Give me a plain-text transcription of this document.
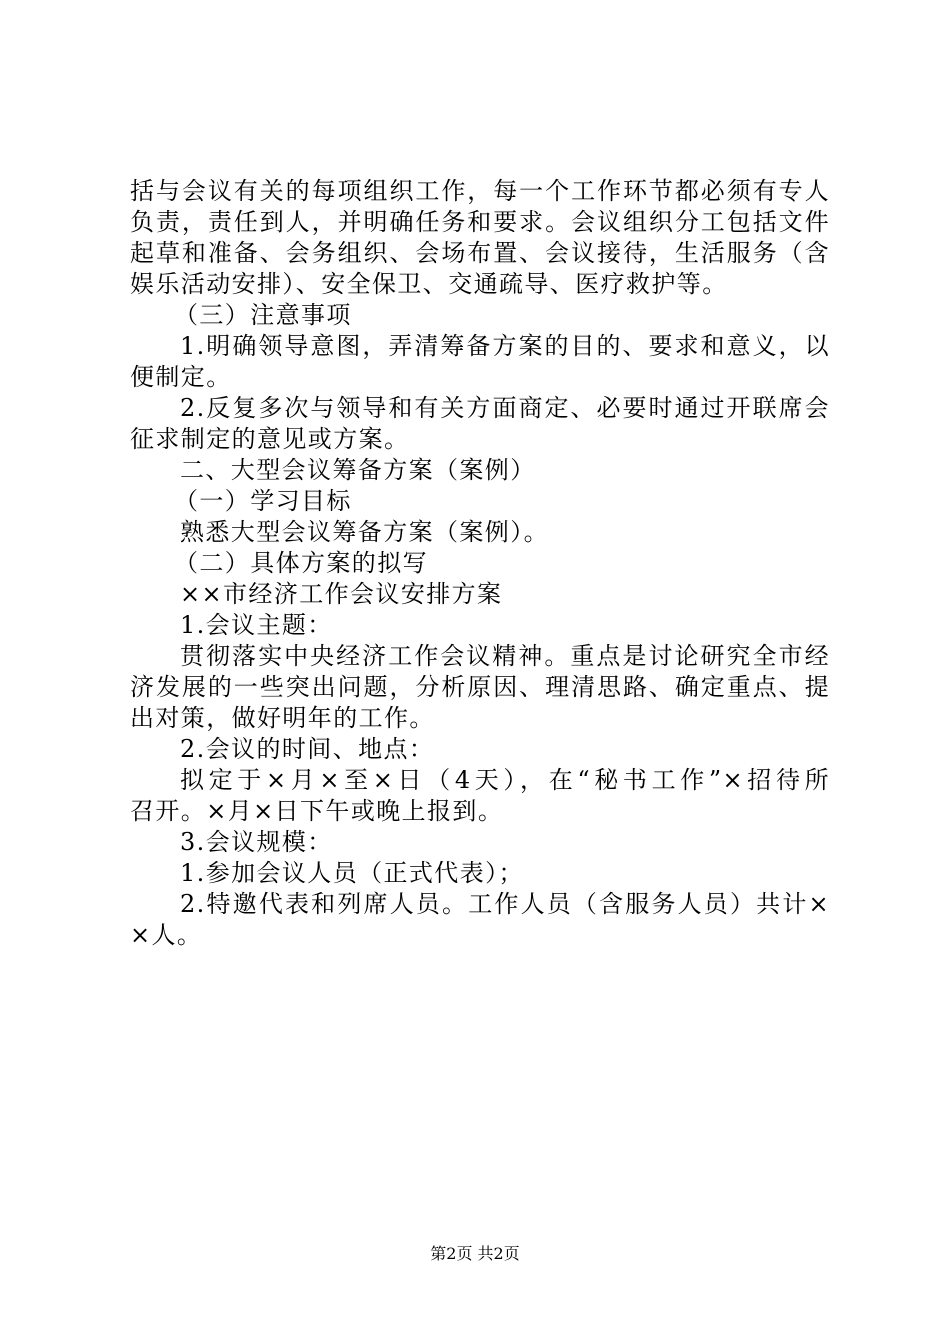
括与会议有关的每项组织工作，每一个工作环节都必须有专人
负责，责任到人，并明确任务和要求。会议组织分工包括文件
起草和准备、会务组织、会场布置、会议接待，生活服务（含
娱乐活动安排）、安全保卫、交通疏导、医疗救护等。
（三）注意事项
1.明确领导意图，弄清筹备方案的目的、要求和意义，以
便制定。
2.反复多次与领导和有关方面商定、必要时通过开联席会
征求制定的意见或方案。
二、大型会议筹备方案（案例）
（一）学习目标
熟悉大型会议筹备方案（案例）。
（二）具体方案的拟写
××市经济工作会议安排方案
1.会议主题：
贯彻落实中央经济工作会议精神。重点是讨论研究全市经
济发展的一些突出问题，分析原因、理清思路、确定重点、提
出对策，做好明年的工作。
2.会议的时间、地点：
拟定于×月×至×日（4天），在“秘书工作”×招待所
召开。×月×日下午或晚上报到。
3.会议规模：
1.参加会议人员（正式代表）；
2.特邀代表和列席人员。工作人员（含服务人员）共计×
×人。
第2页 共2页
